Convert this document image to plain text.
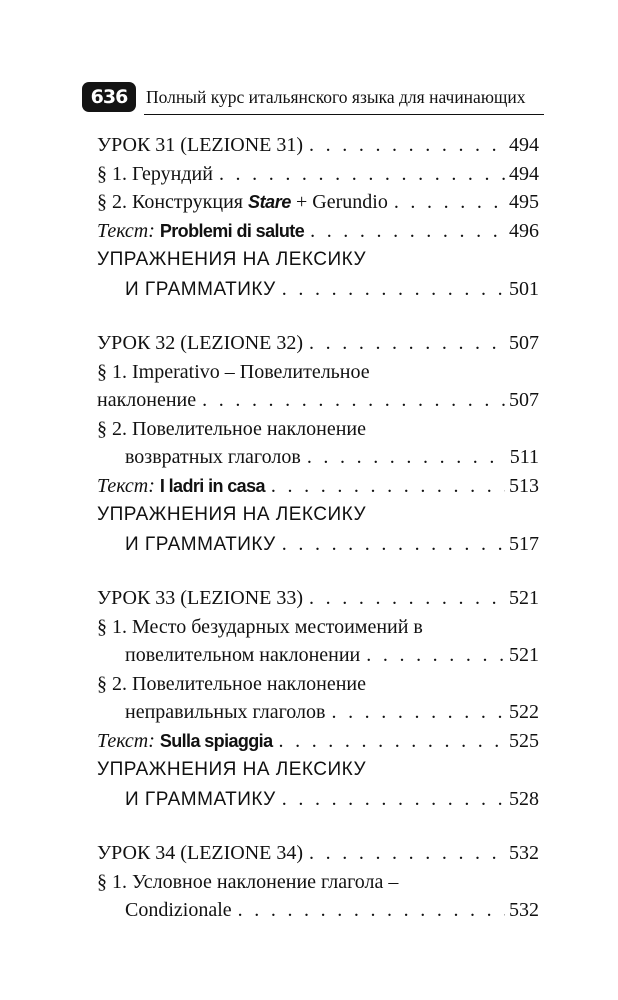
636	Полный курс итальянского языка для начинающих
УРОК 31 (LEZIONE 31) . . .	494
§ 1. Герундий . . .	494
§ 2. Конструкция Stare + Gerundio . . .	495
Текст: Problemi di salute . . .	496
УПРАЖНЕНИЯ НА ЛЕКСИКУ
И ГРАММАТИКУ . . .	501
УРОК 32 (LEZIONE 32) . . .	507
§ 1. Imperativo – Повелительное
наклонение . . .	507
§ 2. Повелительное наклонение
возвратных глаголов . . .	511
Текст: I ladri in casa . . .	513
УПРАЖНЕНИЯ НА ЛЕКСИКУ
И ГРАММАТИКУ . . .	517
УРОК 33 (LEZIONE 33) . . .	521
§ 1. Место безударных местоимений в
повелительном наклонении . . .	521
§ 2. Повелительное наклонение
неправильных глаголов . . .	522
Текст: Sulla spiaggia . . .	525
УПРАЖНЕНИЯ НА ЛЕКСИКУ
И ГРАММАТИКУ . . .	528
УРОК 34 (LEZIONE 34) . . .	532
§ 1. Условное наклонение глагола –
Condizionale . . .	532
